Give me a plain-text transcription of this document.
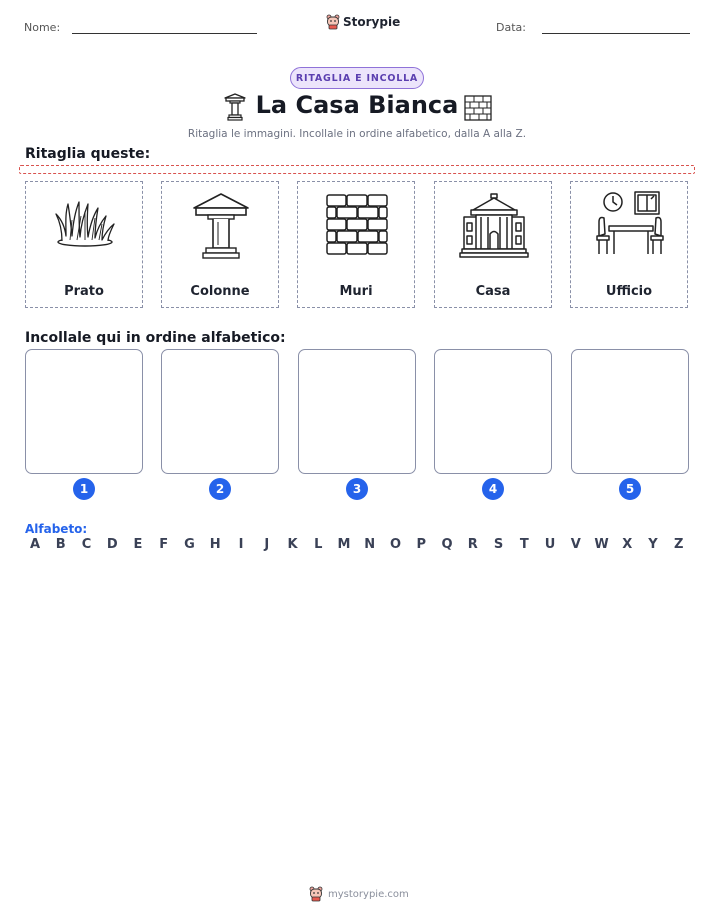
Nome:	Storypie	Data:
RITAGLIA E INCOLLA
La Casa Bianca
Ritaglia le immagini. Incollale in ordine alfabetico, dalla A alla Z.
Ritaglia queste:
Prato	Colonne	Muri	Casa	Ufficio
Incollale qui in ordine alfabetico:
1	2	3	4	5
Alfabeto:
A	B	C	D	E	F	G	H	I	J	K	L	M	N	O	P	Q	R	S	T	U	V	W	X	Y	Z
mystorypie.com
